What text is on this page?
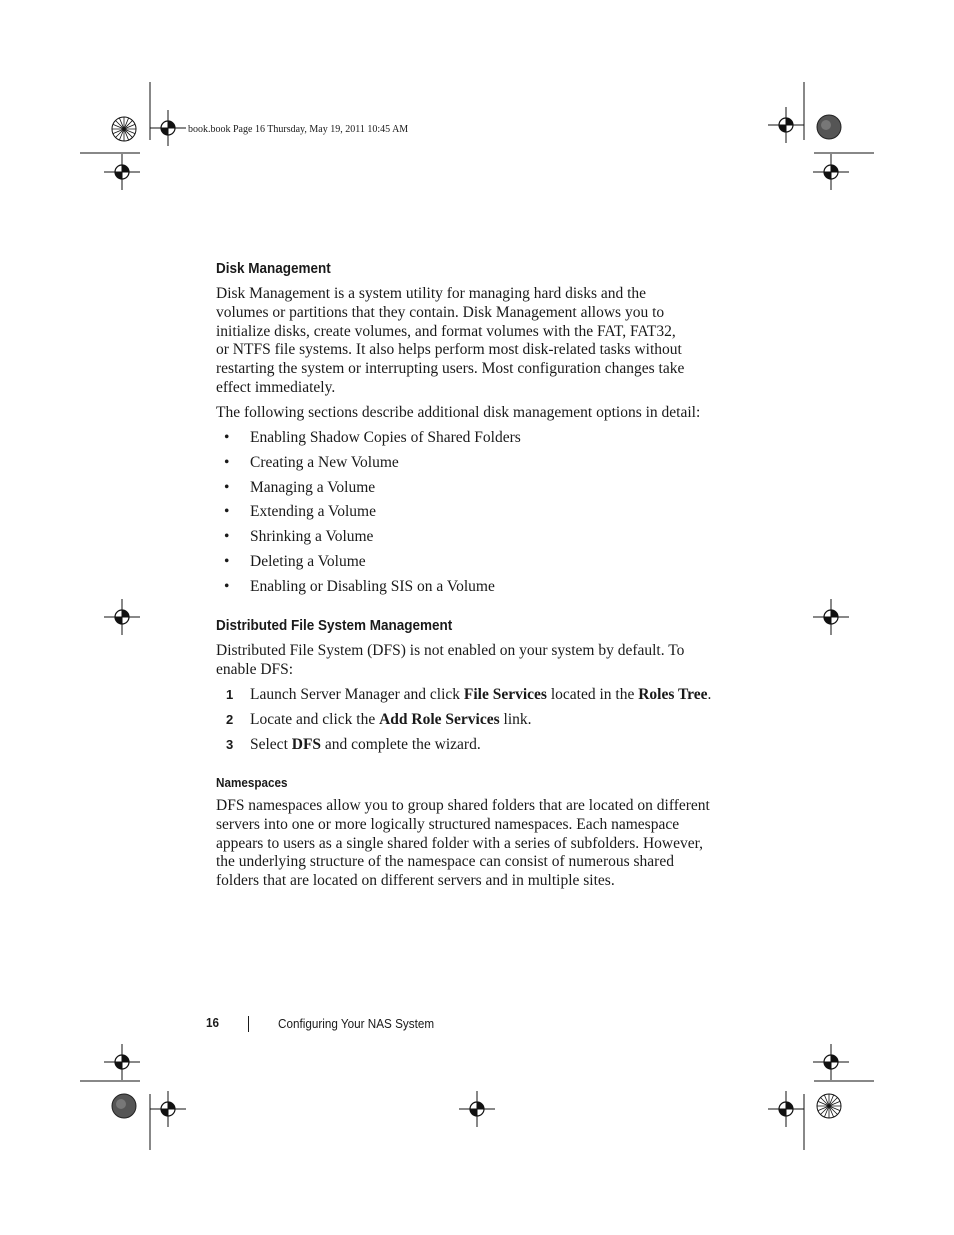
book.book Page 16 Thursday, May 19, 2011 10:45 AM
Disk Management
Disk Management is a system utility for managing hard disks and the
volumes or partitions that they contain. Disk Management allows you to
initialize disks, create volumes, and format volumes with the FAT, FAT32,
or NTFS file systems. It also helps perform most disk-related tasks without
restarting the system or interrupting users. Most configuration changes take
effect immediately.
The following sections describe additional disk management options in detail:
• Enabling Shadow Copies of Shared Folders
• Creating a New Volume
• Managing a Volume
• Extending a Volume
• Shrinking a Volume
• Deleting a Volume
• Enabling or Disabling SIS on a Volume
Distributed File System Management
Distributed File System (DFS) is not enabled on your system by default. To
enable DFS:
1 Launch Server Manager and click File Services located in the Roles Tree.
2 Locate and click the Add Role Services link.
3 Select DFS and complete the wizard.
Namespaces
DFS namespaces allow you to group shared folders that are located on different
servers into one or more logically structured namespaces. Each namespace
appears to users as a single shared folder with a series of subfolders. However,
the underlying structure of the namespace can consist of numerous shared
folders that are located on different servers and in multiple sites.
16	Configuring Your NAS System
